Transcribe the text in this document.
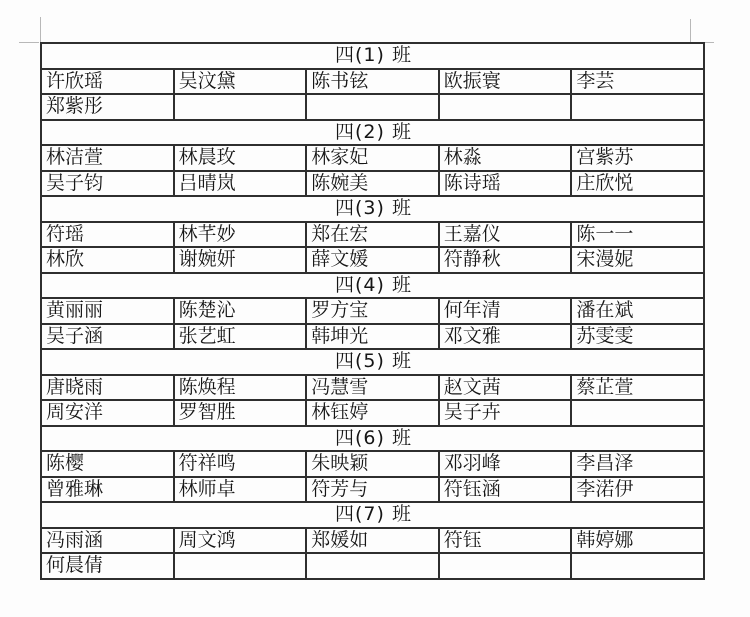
四(1) 班				
许欣瑶	吴汶黛	陈书铉	欧振寰	李芸
郑紫彤				
四(2) 班				
林洁萱	林晨玫	林家妃	林淼	宫紫苏
吴子钧	吕晴岚	陈婉美	陈诗瑶	庄欣悦
四(3) 班				
符瑶	林芊妙	郑在宏	王嘉仪	陈一一
林欣	谢婉妍	薛文媛	符静秋	宋漫妮
四(4) 班				
黄丽丽	陈楚沁	罗方宝	何年清	潘在斌
吴子涵	张艺虹	韩坤光	邓文雅	苏雯雯
四(5) 班				
唐晓雨	陈焕程	冯慧雪	赵文茜	蔡芷萱
周安洋	罗智胜	林钰婷	吴子卉	
四(6) 班				
陈樱	符祥鸣	朱映颖	邓羽峰	李昌泽
曾雅琳	林师卓	符芳与	符钰涵	李渃伊
四(7) 班				
冯雨涵	周文鸿	郑媛如	符钰	韩婷娜
何晨倩				
